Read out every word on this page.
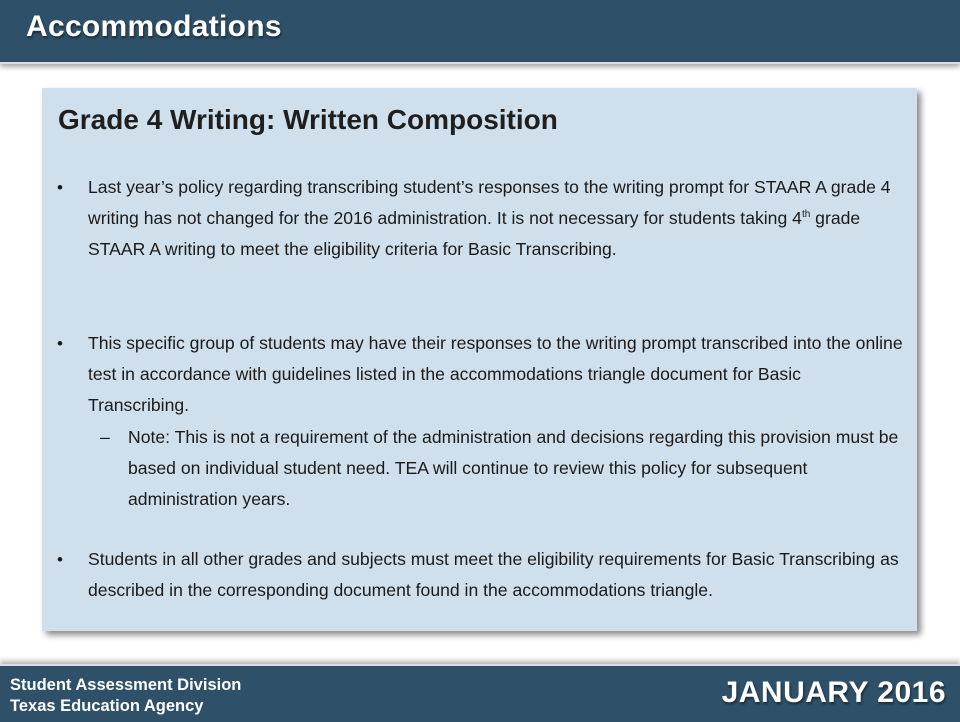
Accommodations
Grade 4 Writing: Written Composition
• Last year’s policy regarding transcribing student’s responses to the writing prompt for STAAR A grade 4 writing has not changed for the 2016 administration. It is not necessary for students taking 4th grade STAAR A writing to meet the eligibility criteria for Basic Transcribing.
• This specific group of students may have their responses to the writing prompt transcribed into the online test in accordance with guidelines listed in the accommodations triangle document for Basic Transcribing.
– Note: This is not a requirement of the administration and decisions regarding this provision must be based on individual student need. TEA will continue to review this policy for subsequent administration years.
• Students in all other grades and subjects must meet the eligibility requirements for Basic Transcribing as described in the corresponding document found in the accommodations triangle.
Student Assessment Division
Texas Education Agency	JANUARY 2016
